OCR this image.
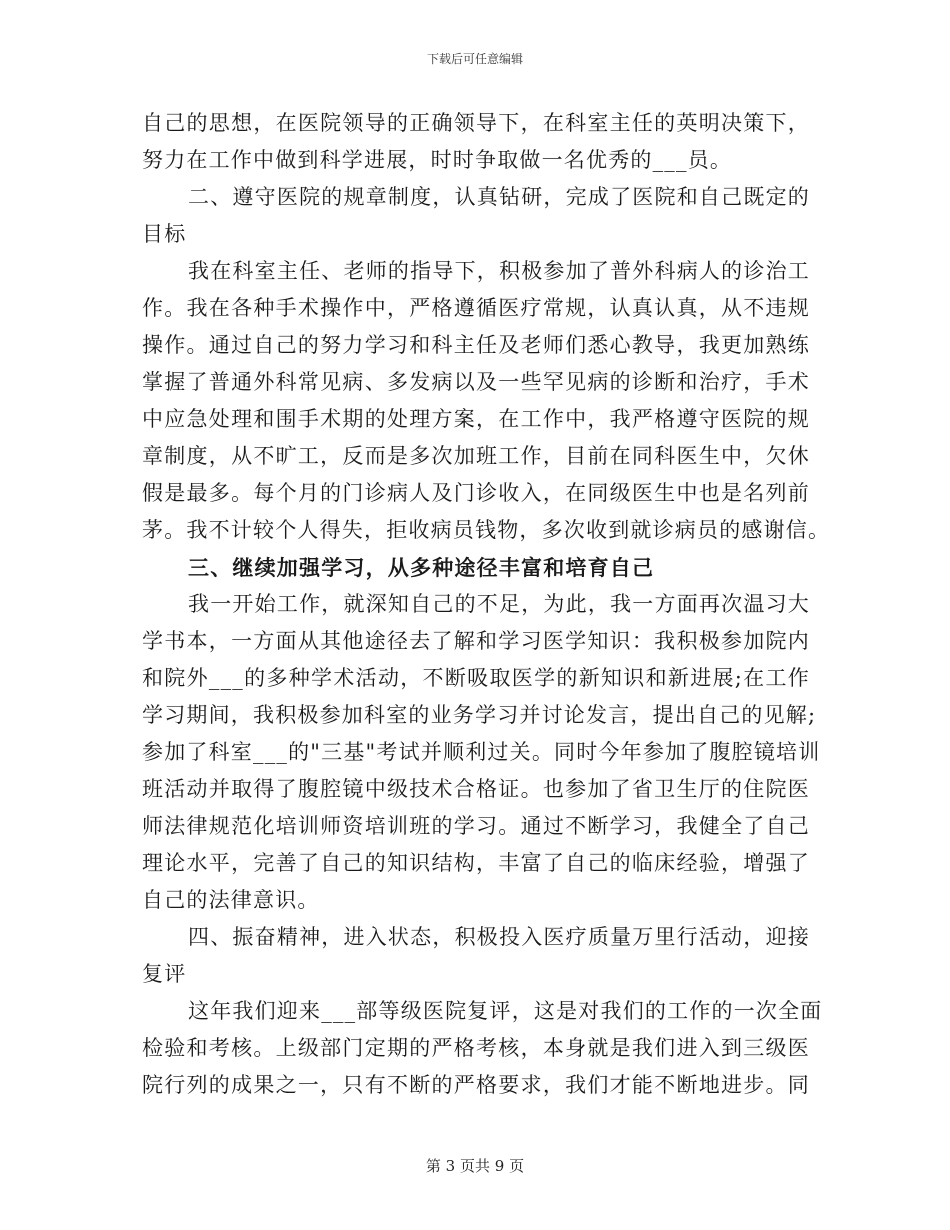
下载后可任意编辑
自己的思想，在医院领导的正确领导下，在科室主任的英明决策下，
努力在工作中做到科学进展，时时争取做一名优秀的___员。
二、遵守医院的规章制度，认真钻研，完成了医院和自己既定的
目标
我在科室主任、老师的指导下，积极参加了普外科病人的诊治工
作。我在各种手术操作中，严格遵循医疗常规，认真认真，从不违规
操作。通过自己的努力学习和科主任及老师们悉心教导，我更加熟练
掌握了普通外科常见病、多发病以及一些罕见病的诊断和治疗，手术
中应急处理和围手术期的处理方案，在工作中，我严格遵守医院的规
章制度，从不旷工，反而是多次加班工作，目前在同科医生中，欠休
假是最多。每个月的门诊病人及门诊收入，在同级医生中也是名列前
茅。我不计较个人得失，拒收病员钱物，多次收到就诊病员的感谢信。
三、继续加强学习，从多种途径丰富和培育自己
我一开始工作，就深知自己的不足，为此，我一方面再次温习大
学书本，一方面从其他途径去了解和学习医学知识：我积极参加院内
和院外___的多种学术活动，不断吸取医学的新知识和新进展;在工作
学习期间，我积极参加科室的业务学习并讨论发言，提出自己的见解;
参加了科室___的"三基"考试并顺利过关。同时今年参加了腹腔镜培训
班活动并取得了腹腔镜中级技术合格证。也参加了省卫生厅的住院医
师法律规范化培训师资培训班的学习。通过不断学习，我健全了自己
理论水平，完善了自己的知识结构，丰富了自己的临床经验，增强了
自己的法律意识。
四、振奋精神，进入状态，积极投入医疗质量万里行活动，迎接
复评
这年我们迎来___部等级医院复评，这是对我们的工作的一次全面
检验和考核。上级部门定期的严格考核，本身就是我们进入到三级医
院行列的成果之一，只有不断的严格要求，我们才能不断地进步。同
第 3 页共 9 页
